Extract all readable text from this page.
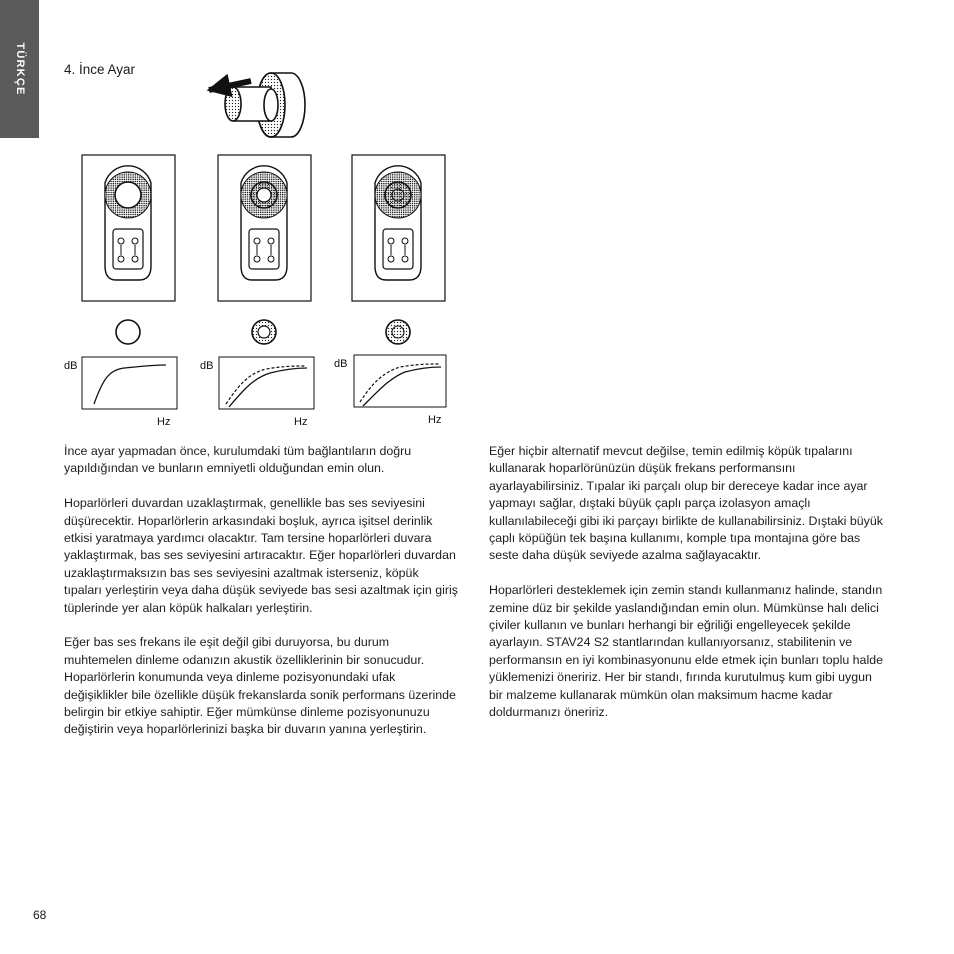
TÜRKÇE	4. İnce Ayar
dB
Hz
dB
Hz
dB
Hz

İnce ayar yapmadan önce, kurulumdaki tüm bağlantıların doğru yapıldığından ve bunların emniyetli olduğundan emin olun.

Hoparlörleri duvardan uzaklaştırmak, genellikle bas ses seviyesini düşürecektir. Hoparlörlerin arkasındaki boşluk, ayrıca işitsel derinlik etkisi yaratmaya yardımcı olacaktır. Tam tersine hoparlörleri duvara yaklaştırmak, bas ses seviyesini artıracaktır. Eğer hoparlörleri duvardan uzaklaştırmaksızın bas ses seviyesini azaltmak isterseniz, köpük tıpaları yerleştirin veya daha düşük seviyede bas sesi azaltmak için giriş tüplerinde yer alan köpük halkaları yerleştirin.

Eğer bas ses frekans ile eşit değil gibi duruyorsa, bu durum muhtemelen dinleme odanızın akustik özelliklerinin bir sonucudur. Hoparlörlerin konumunda veya dinleme pozisyonundaki ufak değişiklikler bile özellikle düşük frekanslarda sonik performans üzerinde belirgin bir etkiye sahiptir. Eğer mümkünse dinleme pozisyonunuzu değiştirin veya hoparlörlerinizi başka bir duvarın yanına yerleştirin.

Eğer hiçbir alternatif mevcut değilse, temin edilmiş köpük tıpalarını kullanarak hoparlörünüzün düşük frekans performansını ayarlayabilirsiniz. Tıpalar iki parçalı olup bir dereceye kadar ince ayar yapmayı sağlar, dıştaki büyük çaplı parça izolasyon amaçlı kullanılabileceği gibi iki parçayı birlikte de kullanabilirsiniz. Dıştaki büyük çaplı köpüğün tek başına kullanımı, komple tıpa montajına göre bas seste daha düşük seviyede azalma sağlayacaktır.

Hoparlörleri desteklemek için zemin standı kullanmanız halinde, standın zemine düz bir şekilde yaslandığından emin olun. Mümkünse halı delici çiviler kullanın ve bunları herhangi bir eğriliği engelleyecek şekilde ayarlayın. STAV24 S2 stantlarından kullanıyorsanız, stabilitenin ve performansın en iyi kombinasyonunu elde etmek için bunları toplu halde yüklemenizi öneririz. Her bir standı, fırında kurutulmuş kum gibi uygun bir malzeme kullanarak mümkün olan maksimum hacme kadar doldurmanızı öneririz.

68
